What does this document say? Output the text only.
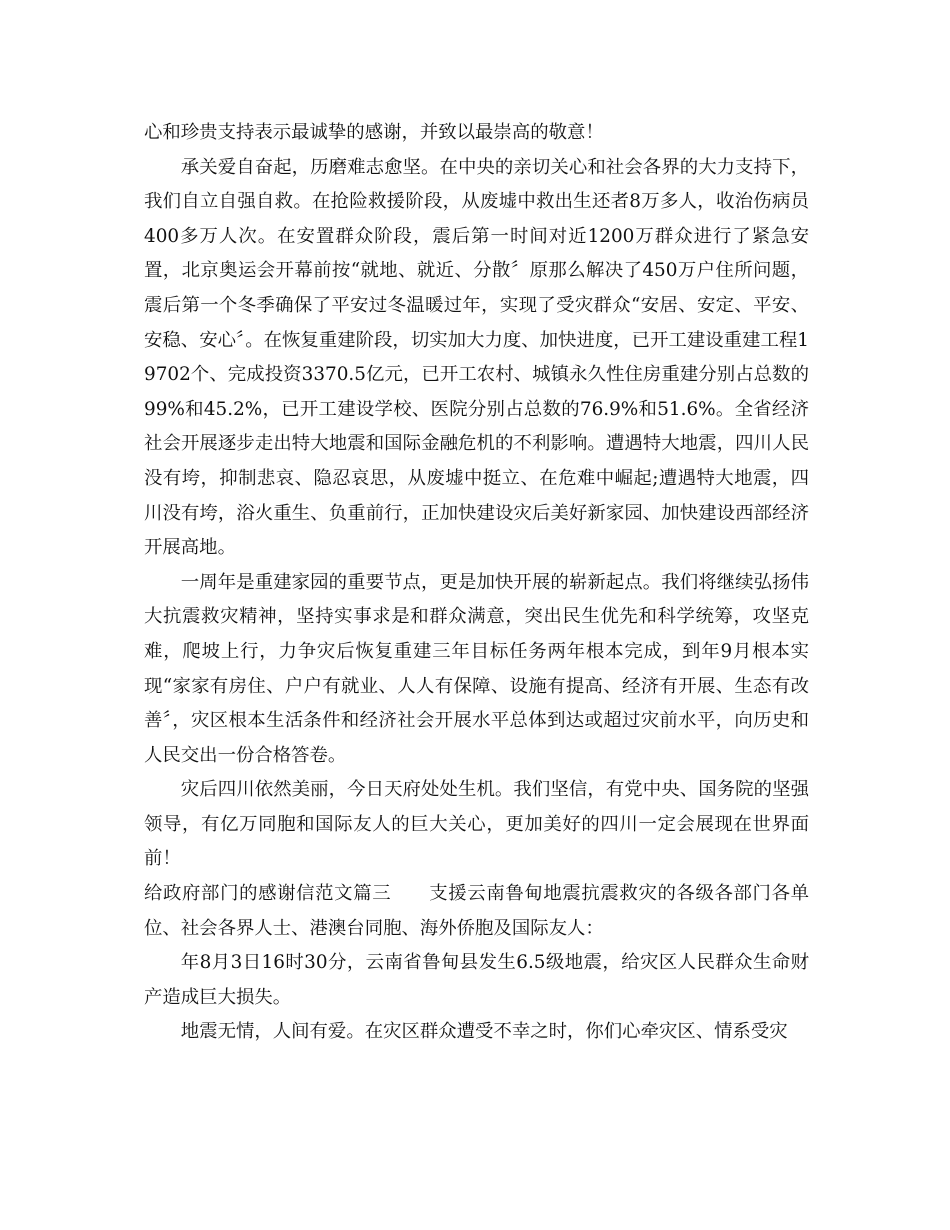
心和珍贵支持表示最诚挚的感谢，并致以最崇高的敬意！

承关爱自奋起，历磨难志愈坚。在中央的亲切关心和社会各界的大力支持下，我们自立自强自救。在抢险救援阶段，从废墟中救出生还者8万多人，收治伤病员400多万人次。在安置群众阶段，震后第一时间对近1200万群众进行了紧急安置，北京奥运会开幕前按“就地、就近、分散〞原那么解决了450万户住所问题，震后第一个冬季确保了平安过冬温暖过年，实现了受灾群众“安居、安定、平安、安稳、安心〞。在恢复重建阶段，切实加大力度、加快进度，已开工建设重建工程19702个、完成投资3370.5亿元，已开工农村、城镇永久性住房重建分别占总数的99%和45.2%，已开工建设学校、医院分别占总数的76.9%和51.6%。全省经济社会开展逐步走出特大地震和国际金融危机的不利影响。遭遇特大地震，四川人民没有垮，抑制悲哀、隐忍哀思，从废墟中挺立、在危难中崛起;遭遇特大地震，四川没有垮，浴火重生、负重前行，正加快建设灾后美好新家园、加快建设西部经济开展高地。

一周年是重建家园的重要节点，更是加快开展的崭新起点。我们将继续弘扬伟大抗震救灾精神，坚持实事求是和群众满意，突出民生优先和科学统筹，攻坚克难，爬坡上行，力争灾后恢复重建三年目标任务两年根本完成，到年9月根本实现“家家有房住、户户有就业、人人有保障、设施有提高、经济有开展、生态有改善〞，灾区根本生活条件和经济社会开展水平总体到达或超过灾前水平，向历史和人民交出一份合格答卷。

灾后四川依然美丽，今日天府处处生机。我们坚信，有党中央、国务院的坚强领导，有亿万同胞和国际友人的巨大关心，更加美好的四川一定会展现在世界面前！

给政府部门的感谢信范文篇三　　支援云南鲁甸地震抗震救灾的各级各部门各单位、社会各界人士、港澳台同胞、海外侨胞及国际友人：

年8月3日16时30分，云南省鲁甸县发生6.5级地震，给灾区人民群众生命财产造成巨大损失。

地震无情，人间有爱。在灾区群众遭受不幸之时，你们心牵灾区、情系受灾
